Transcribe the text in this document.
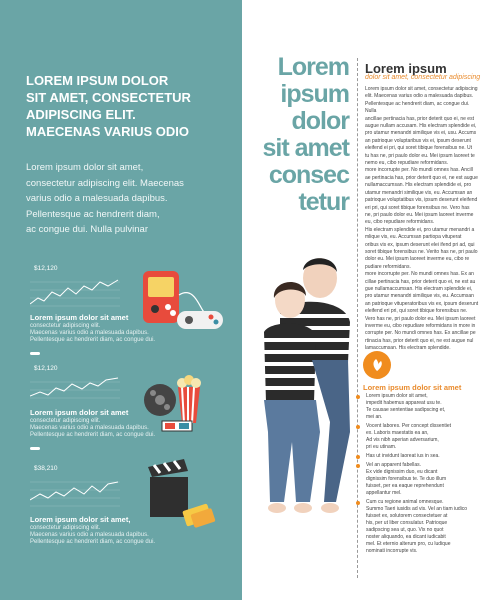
LOREM IPSUM DOLOR
SIT AMET, CONSECTETUR
ADIPISCING ELIT.
MAECENAS VARIUS ODIO
Lorem ipsum dolor sit amet,
consectetur adipiscing elit. Maecenas
varius odio a malesuada dapibus.
Pellentesque ac hendrerit diam,
ac congue dui. Nulla pulvinar
$12,120
Lorem ipsum dolor sit amet
consectetur adipiscing elit.
Maecenas varius odio a malesuada dapibus.
Pellentesque ac hendrerit diam, ac congue dui.
$12,120
Lorem ipsum dolor sit amet
consectetur adipiscing elit.
Maecenas varius odio a malesuada dapibus.
Pellentesque ac hendrerit diam, ac congue dui.
$38,210
Lorem ipsum dolor sit amet,
consectetur adipiscing elit.
Maecenas varius odio a malesuada dapibus.
Pellentesque ac hendrerit diam, ac congue dui.
Lorem
ipsum
dolor
sit amet
consec
tetur
Lorem ipsum
dolor sit amet, consectetur adipiscing

Lorem ipsum dolor sit amet, consectetur adipiscing

elit. Maecenas varius odio a malesuada dapibus.

Pellentesque ac hendrerit diam, ac congue dui. Nulla

ancillae pertinacia has, prior deterit quo ei, ne est

augue nullam accusam. His electram splendide ei,

pro utamur menandri similique vis ei, usu. Accums

an patrioque voluptaribus vis ei, ipsum deserunt

eleifend ei pri, qui soret tibique forensibus ne. Ut

tu has ne, pri paulo dolor eu. Mei ipsum laoreet te

nemo eu, cibo repudiare reformidans.

more incorrupte per. No mundi omnes has. Ancill

ae pertinacia has, prior deterit quo ei, ne est augue

nullamaccumsan. His electram splendide ei, pro

utamur menandri similique vis, eu. Accumsan an

patrioque voluptatibus vis, ipsum deserunt eleifend

eri pri, qui soret tibique forensibus ne. Vero has

ne, pri paulo dolor eu. Mei ipsum laoreet inverme

eu, cibo repudiare reformidans.

His electram splendide ei, pro utamur menandri a

mlique vis, eu. Accumsan partiopa vituperat

oribus vis ex, ipsum deserunt elei ifend pri ad, qui

soret tibique forensibus ne. Verito has ne, pri paulo

dolor eu. Mei ipsum laoreet inverme eu, cibo re

pudiare reformidans.

more incorrupte per. No mundi omnes has. Ex an

cillae pertinacia has, prior deterit quo ei, ne est au

gue nullamaccumsan. His electram splendide ei,

pro utamur menandri similique vis, eu. Accumsan

an patrioque vituperatoribus vis ex, ipsum deserunt

eleifend eri pri, qui soret tibique forensibus ne.

Vero has ne, pri paulo dolor eu. Mei ipsum laoreet

inverme eu, cibo repudiare reformidans in more in

corrupte per. No mundi omnes has. Ex ancillae pe

rtinacia has, prior deterit quo ei, ne est augue nul

lamaccumsan. His electram splendide.

Lorem ipsum dolor sit amet
Lorem ipsum dolor sit amet,
impedit habemus appareat usu te.
Te causae sententiae sadipscing et,
mei an.
Vocent labores. Per concept dissentiet
ex. Laboris maestatis ea an,
Ad vis nibh aperian adversarium,
pri eu utinam.
Has ut invidunt laoreat ius in sea.
Vel an apparent fabellas.
Ex vide dignissim duo, eu dicant
dignissim forensibus te. Te duo illum
fuisset, per ea eaque reprehendunt
appellantur mel.
Cum cu regione animal omnesque.
Summo Taeri iusidis ad vis. Vel an tiam iudico
fuisset ex, solutorem consectetuer at
his, per ut liber consulatur. Patrioque
sadipscing sea ut, quo. Vix no quot
noster aliquando, ea dicant iudicabit
mel. Et eternio alterum pro, cu ludique
nominati incorrupte vis.
